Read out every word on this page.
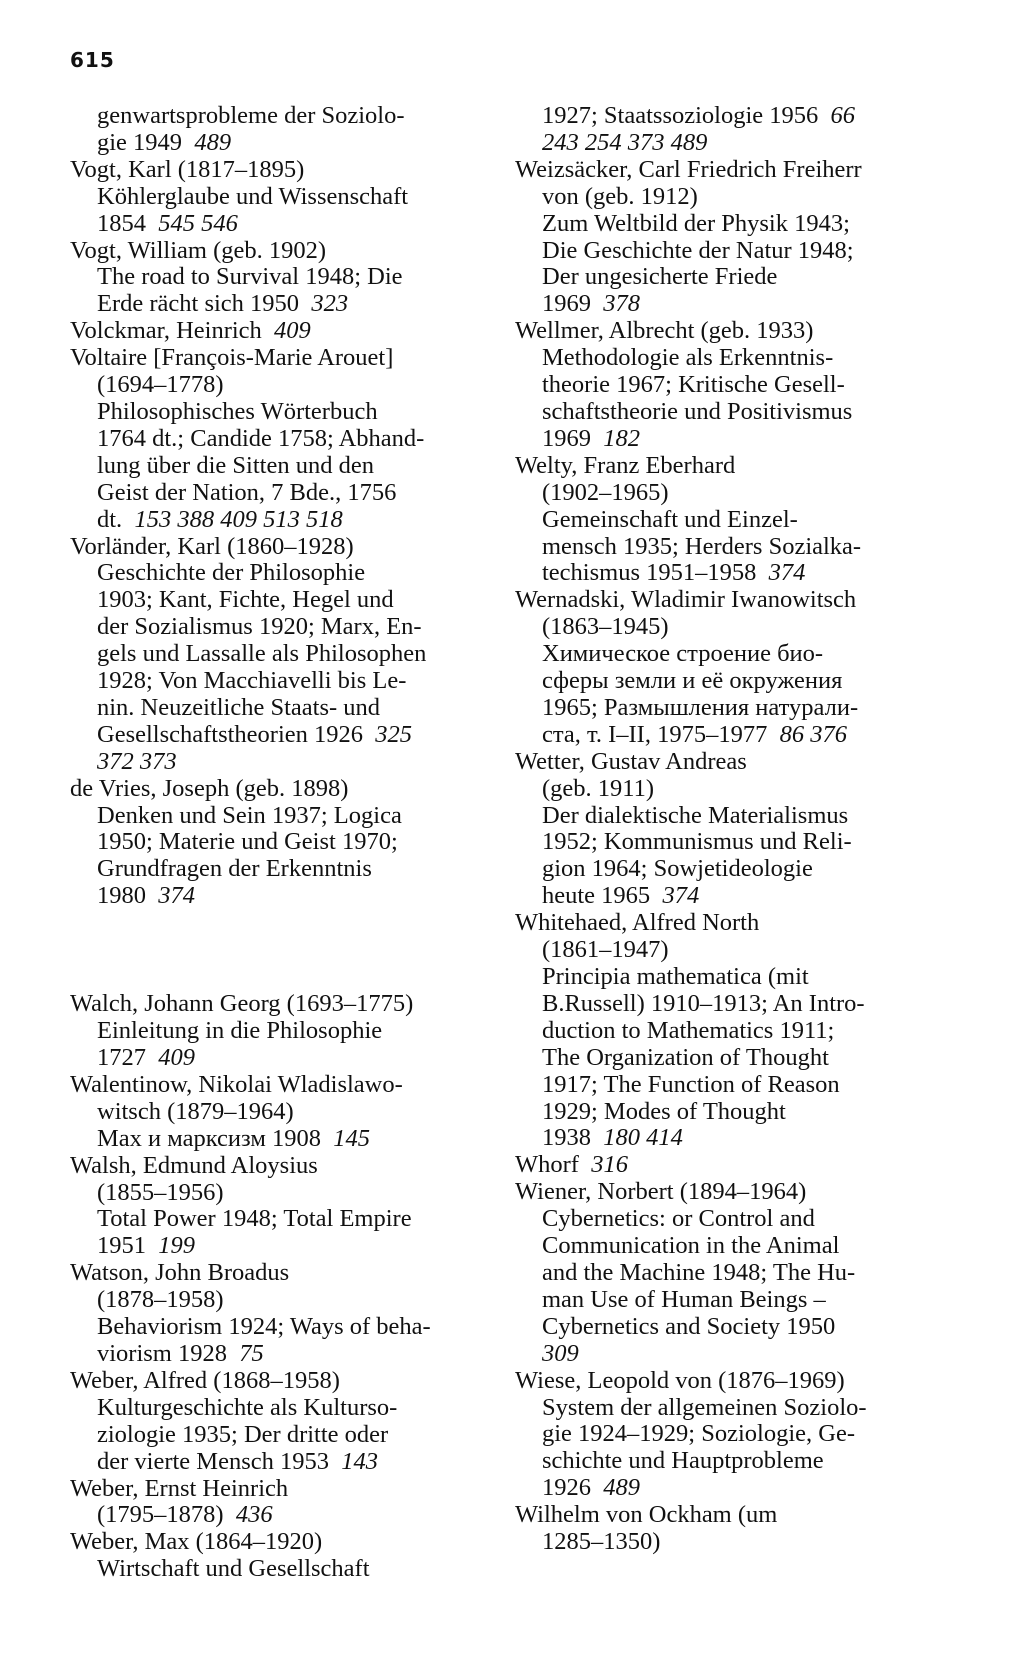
615
genwartsprobleme der Soziolo-
gie 1949 489
Vogt, Karl (1817–1895)
Köhlerglaube und Wissenschaft
1854 545 546
Vogt, William (geb. 1902)
The road to Survival 1948; Die
Erde rächt sich 1950 323
Volckmar, Heinrich 409
Voltaire [François-Marie Arouet]
(1694–1778)
Philosophisches Wörterbuch
1764 dt.; Candide 1758; Abhand-
lung über die Sitten und den
Geist der Nation, 7 Bde., 1756
dt. 153 388 409 513 518
Vorländer, Karl (1860–1928)
Geschichte der Philosophie
1903; Kant, Fichte, Hegel und
der Sozialismus 1920; Marx, En-
gels und Lassalle als Philosophen
1928; Von Macchiavelli bis Le-
nin. Neuzeitliche Staats- und
Gesellschaftstheorien 1926 325
372 373
de Vries, Joseph (geb. 1898)
Denken und Sein 1937; Logica
1950; Materie und Geist 1970;
Grundfragen der Erkenntnis
1980 374
Walch, Johann Georg (1693–1775)
Einleitung in die Philosophie
1727 409
Walentinow, Nikolai Wladislawo-
witsch (1879–1964)
Мах и марксизм 1908 145
Walsh, Edmund Aloysius
(1855–1956)
Total Power 1948; Total Empire
1951 199
Watson, John Broadus
(1878–1958)
Behaviorism 1924; Ways of beha-
viorism 1928 75
Weber, Alfred (1868–1958)
Kulturgeschichte als Kulturso-
ziologie 1935; Der dritte oder
der vierte Mensch 1953 143
Weber, Ernst Heinrich
(1795–1878) 436
Weber, Max (1864–1920)
Wirtschaft und Gesellschaft
1927; Staatssoziologie 1956 66
243 254 373 489
Weizsäcker, Carl Friedrich Freiherr
von (geb. 1912)
Zum Weltbild der Physik 1943;
Die Geschichte der Natur 1948;
Der ungesicherte Friede
1969 378
Wellmer, Albrecht (geb. 1933)
Methodologie als Erkenntnis-
theorie 1967; Kritische Gesell-
schaftstheorie und Positivismus
1969 182
Welty, Franz Eberhard
(1902–1965)
Gemeinschaft und Einzel-
mensch 1935; Herders Sozialka-
techismus 1951–1958 374
Wernadski, Wladimir Iwanowitsch
(1863–1945)
Химическое строение био-
сферы земли и её окружения
1965; Размышления натурали-
ста, т. I–II, 1975–1977 86 376
Wetter, Gustav Andreas
(geb. 1911)
Der dialektische Materialismus
1952; Kommunismus und Reli-
gion 1964; Sowjetideologie
heute 1965 374
Whitehaed, Alfred North
(1861–1947)
Principia mathematica (mit
B.Russell) 1910–1913; An Intro-
duction to Mathematics 1911;
The Organization of Thought
1917; The Function of Reason
1929; Modes of Thought
1938 180 414
Whorf 316
Wiener, Norbert (1894–1964)
Cybernetics: or Control and
Communication in the Animal
and the Machine 1948; The Hu-
man Use of Human Beings –
Cybernetics and Society 1950
309
Wiese, Leopold von (1876–1969)
System der allgemeinen Soziolo-
gie 1924–1929; Soziologie, Ge-
schichte und Hauptprobleme
1926 489
Wilhelm von Ockham (um
1285–1350)
